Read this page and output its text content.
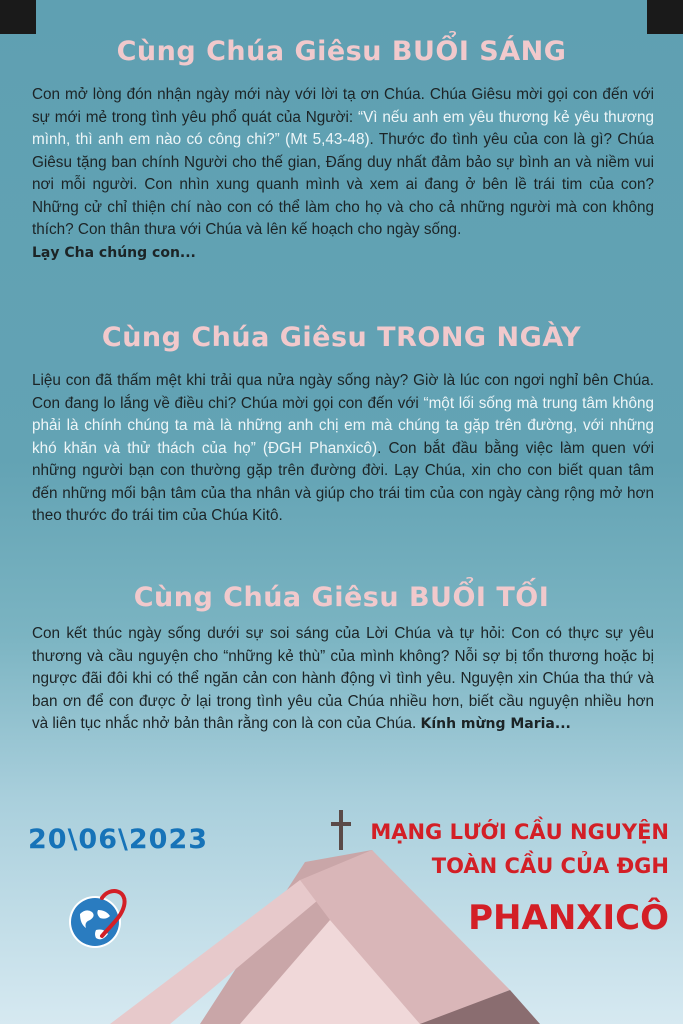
Cùng Chúa Giêsu BUỔI SÁNG
Con mở lòng đón nhận ngày mới này với lời tạ ơn Chúa. Chúa Giêsu mời gọi con đến với sự mới mẻ trong tình yêu phổ quát của Người: “Vì nếu anh em yêu thương kẻ yêu thương mình, thì anh em nào có công chi?” (Mt 5,43-48). Thước đo tình yêu của con là gì? Chúa Giêsu tặng ban chính Người cho thế gian, Đấng duy nhất đảm bảo sự bình an và niềm vui nơi mỗi người. Con nhìn xung quanh mình và xem ai đang ở bên lề trái tim của con? Những cử chỉ thiện chí nào con có thể làm cho họ và cho cả những người mà con không thích? Con thân thưa với Chúa và lên kế hoạch cho ngày sống.
Lạy Cha chúng con...
Cùng Chúa Giêsu TRONG NGÀY
Liệu con đã thấm mệt khi trải qua nửa ngày sống này? Giờ là lúc con ngơi nghỉ bên Chúa. Con đang lo lắng về điều chi? Chúa mời gọi con đến với “một lối sống mà trung tâm không phải là chính chúng ta mà là những anh chị em mà chúng ta gặp trên đường, với những khó khăn và thử thách của họ” (ĐGH Phanxicô). Con bắt đầu bằng việc làm quen với những người bạn con thường gặp trên đường đời. Lạy Chúa, xin cho con biết quan tâm đến những mối bận tâm của tha nhân và giúp cho trái tim của con ngày càng rộng mở hơn theo thước đo trái tim của Chúa Kitô.
Cùng Chúa Giêsu BUỔI TỐI
Con kết thúc ngày sống dưới sự soi sáng của Lời Chúa và tự hỏi: Con có thực sự yêu thương và cầu nguyện cho “những kẻ thù” của mình không? Nỗi sợ bị tổn thương hoặc bị ngược đãi đôi khi có thể ngăn cản con hành động vì tình yêu. Nguyện xin Chúa tha thứ và ban ơn để con được ở lại trong tình yêu của Chúa nhiều hơn, biết cầu nguyện nhiều hơn và liên tục nhắc nhở bản thân rằng con là con của Chúa. Kính mừng Maria...
20\06\2023	MẠNG LƯỚI CẦU NGUYỆN
TOÀN CẦU CỦA ĐGH
PHANXICÔ
